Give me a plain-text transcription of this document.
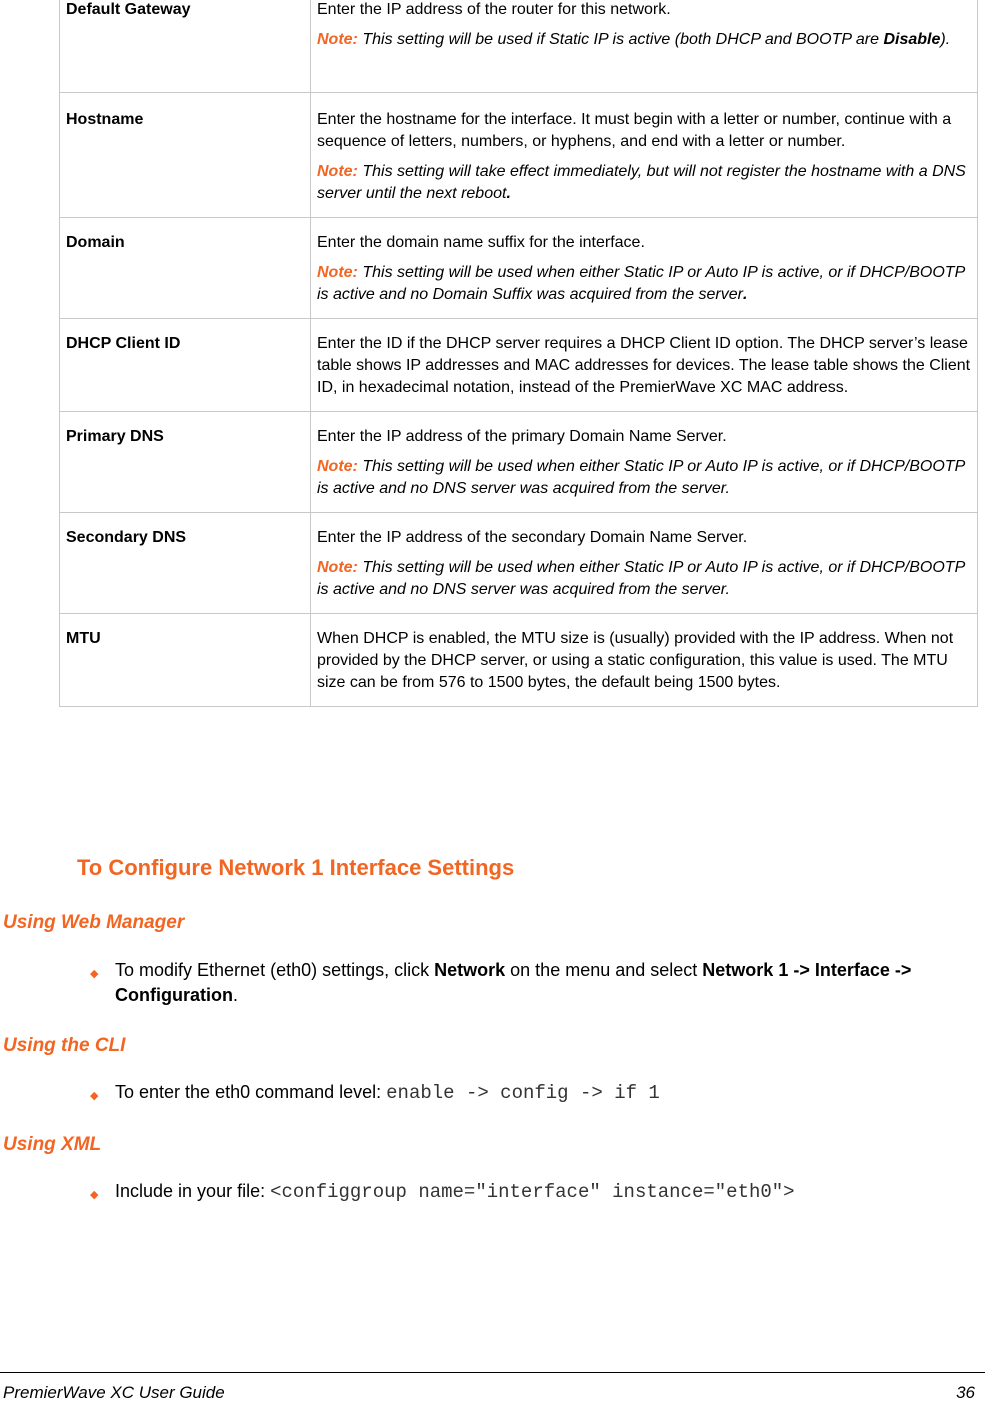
Default Gateway	Enter the IP address of the router for this network.

Note: This setting will be used if Static IP is active (both DHCP and BOOTP are Disable).

Hostname	Enter the hostname for the interface. It must begin with a letter or number, continue with a sequence of letters, numbers, or hyphens, and end with a letter or number.

Note: This setting will take effect immediately, but will not register the hostname with a DNS server until the next reboot.

Domain	Enter the domain name suffix for the interface.

Note: This setting will be used when either Static IP or Auto IP is active, or if DHCP/BOOTP is active and no Domain Suffix was acquired from the server.

DHCP Client ID	Enter the ID if the DHCP server requires a DHCP Client ID option. The DHCP server’s lease table shows IP addresses and MAC addresses for devices. The lease table shows the Client ID, in hexadecimal notation, instead of the PremierWave XC MAC address.

Primary DNS	Enter the IP address of the primary Domain Name Server.

Note: This setting will be used when either Static IP or Auto IP is active, or if DHCP/BOOTP is active and no DNS server was acquired from the server.

Secondary DNS	Enter the IP address of the secondary Domain Name Server.

Note: This setting will be used when either Static IP or Auto IP is active, or if DHCP/BOOTP is active and no DNS server was acquired from the server.

MTU	When DHCP is enabled, the MTU size is (usually) provided with the IP address. When not provided by the DHCP server, or using a static configuration, this value is used. The MTU size can be from 576 to 1500 bytes, the default being 1500 bytes.

To Configure Network 1 Interface Settings
Using Web Manager
◆ To modify Ethernet (eth0) settings, click Network on the menu and select Network 1 -> Interface -> Configuration.
Using the CLI
◆ To enter the eth0 command level: enable -> config -> if 1
Using XML
◆ Include in your file: <configgroup name="interface" instance="eth0">
PremierWave XC User Guide	36
